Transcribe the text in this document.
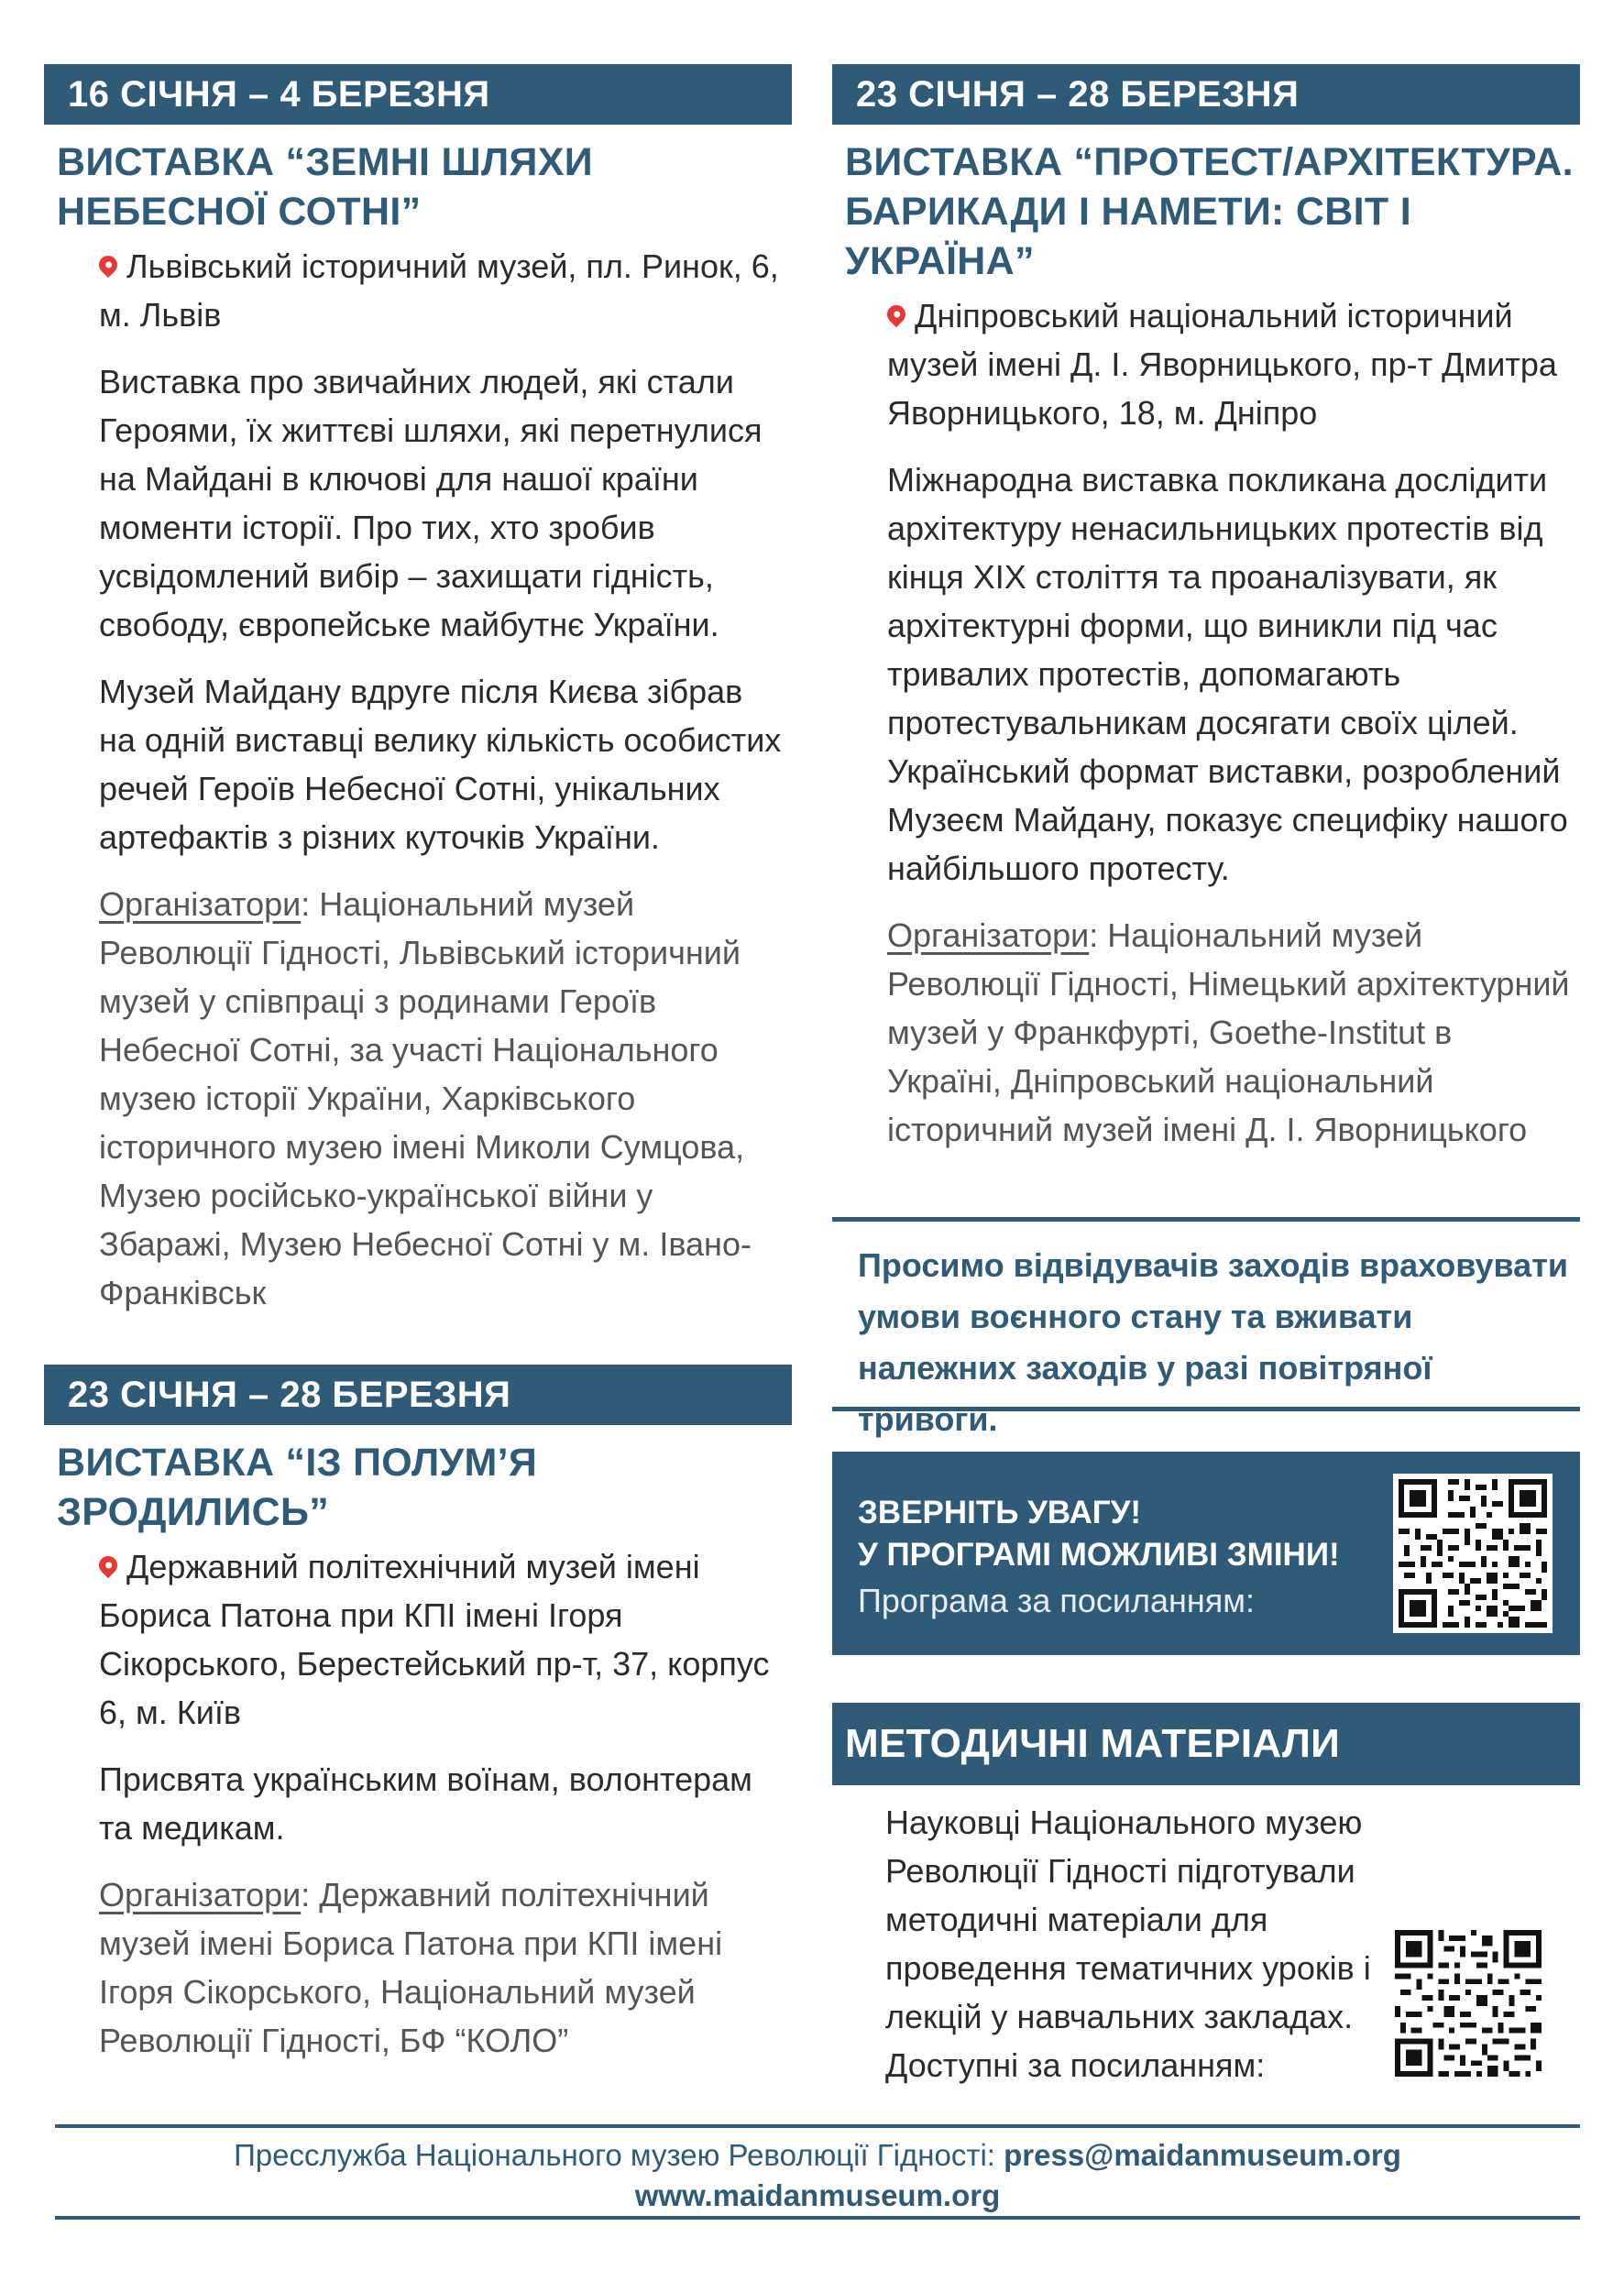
16 СІЧНЯ – 4 БЕРЕЗНЯ
ВИСТАВКА “ЗЕМНІ ШЛЯХИ НЕБЕСНОЇ СОТНІ”

Львівський історичний музей, пл. Ринок, 6, м. Львів

Виставка про звичайних людей, які стали Героями, їх життєві шляхи, які перетнулися на Майдані в ключові для нашої країни моменти історії. Про тих, хто зробив усвідомлений вибір – захищати гідність, свободу, європейське майбутнє України.

Музей Майдану вдруге після Києва зібрав на одній виставці велику кількість особистих речей Героїв Небесної Сотні, унікальних артефактів з різних куточків України.

Організатори: Національний музей Революції Гідності, Львівський історичний музей у співпраці з родинами Героїв Небесної Сотні, за участі Національного музею історії України, Харківського історичного музею імені Миколи Сумцова, Музею російсько-української війни у Збаражі, Музею Небесної Сотні у м. Івано-Франківськ

23 СІЧНЯ – 28 БЕРЕЗНЯ
ВИСТАВКА “ІЗ ПОЛУМ’Я ЗРОДИЛИСЬ”

Державний політехнічний музей імені Бориса Патона при КПІ імені Ігоря Сікорського, Берестейський пр-т, 37, корпус 6, м. Київ

Присвята українським воїнам, волонтерам та медикам.

Організатори: Державний політехнічний музей імені Бориса Патона при КПІ імені Ігоря Сікорського, Національний музей Революції Гідності, БФ “КОЛО”

23 СІЧНЯ – 28 БЕРЕЗНЯ
ВИСТАВКА “ПРОТЕСТ/АРХІТЕКТУРА. БАРИКАДИ І НАМЕТИ: СВІТ І УКРАЇНА”

Дніпровський національний історичний музей імені Д. І. Яворницького, пр-т Дмитра Яворницького, 18, м. Дніпро

Міжнародна виставка покликана дослідити архітектуру ненасильницьких протестів від кінця XIX століття та проаналізувати, як архітектурні форми, що виникли під час тривалих протестів, допомагають протестувальникам досягати своїх цілей. Український формат виставки, розроблений Музеєм Майдану, показує специфіку нашого найбільшого протесту.

Організатори: Національний музей Революції Гідності, Німецький архітектурний музей у Франкфурті, Goethe-Institut в Україні, Дніпровський національний історичний музей імені Д. І. Яворницького

Просимо відвідувачів заходів враховувати умови воєнного стану та вживати належних заходів у разі повітряної тривоги.
ЗВЕРНІТЬ УВАГУ!
У ПРОГРАМІ МОЖЛИВІ ЗМІНИ!
Програма за посиланням:
МЕТОДИЧНІ МАТЕРІАЛИ
Науковці Національного музею Революції Гідності підготували методичні матеріали для проведення тематичних уроків і лекцій у навчальних закладах. Доступні за посиланням:
Пресслужба Національного музею Революції Гідності: press@maidanmuseum.org
www.maidanmuseum.org
